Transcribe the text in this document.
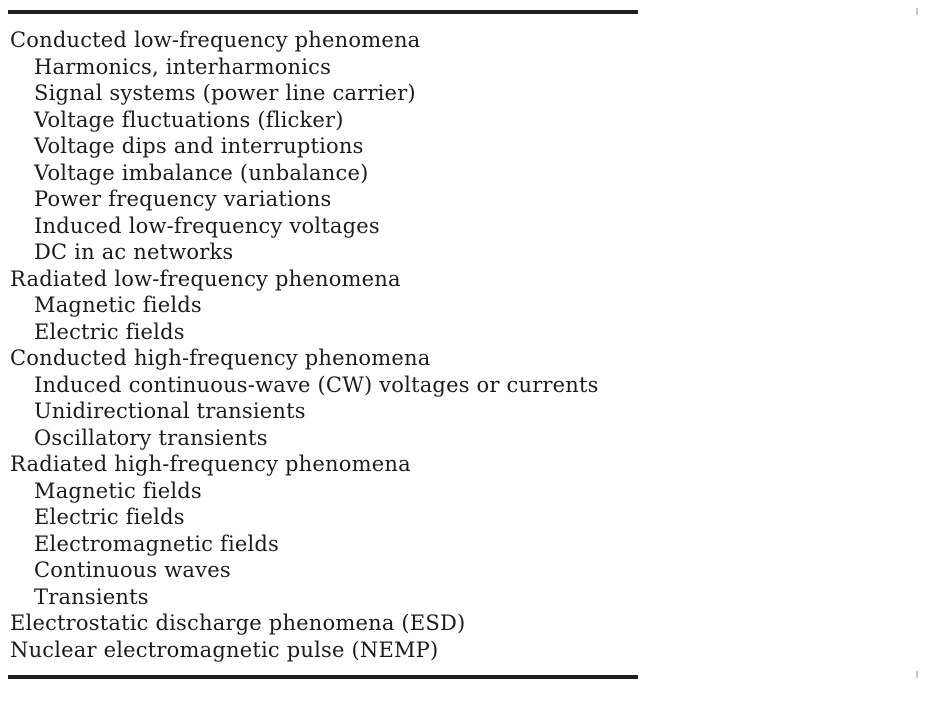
Conducted low-frequency phenomena
Harmonics, interharmonics
Signal systems (power line carrier)
Voltage fluctuations (flicker)
Voltage dips and interruptions
Voltage imbalance (unbalance)
Power frequency variations
Induced low-frequency voltages
DC in ac networks
Radiated low-frequency phenomena
Magnetic fields
Electric fields
Conducted high-frequency phenomena
Induced continuous-wave (CW) voltages or currents
Unidirectional transients
Oscillatory transients
Radiated high-frequency phenomena
Magnetic fields
Electric fields
Electromagnetic fields
Continuous waves
Transients
Electrostatic discharge phenomena (ESD)
Nuclear electromagnetic pulse (NEMP)
